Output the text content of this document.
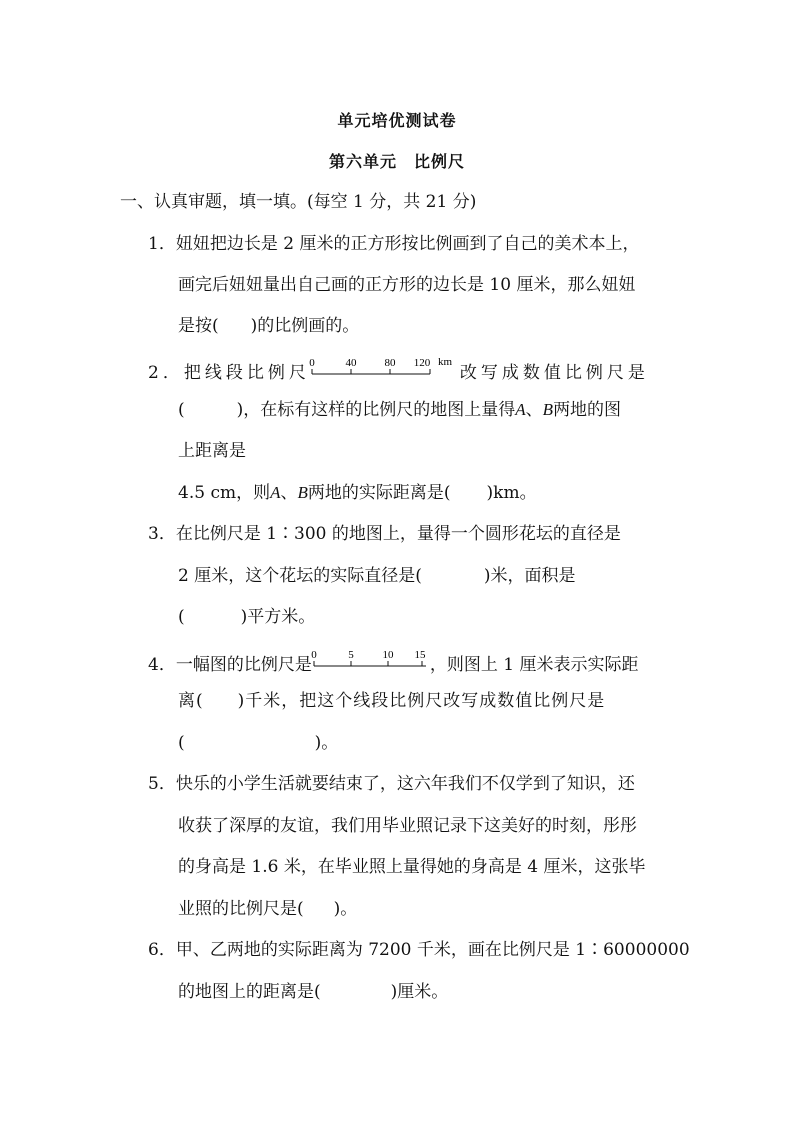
单元培优测试卷
第六单元　比例尺
一、认真审题，填一填。(每空 1 分，共 21 分)
1．妞妞把边长是 2 厘米的正方形按比例画到了自己的美术本上，
画完后妞妞量出自己画的正方形的边长是 10 厘米，那么妞妞
是按( )的比例画的。
2．把线段比例尺 0	40	80 120 km
改写成数值比例尺是
(	)，在标有这样的比例尺的地图上量得A、B两地的图
上距离是
4.5 cm，则A、B两地的实际距离是( )km。
3．在比例尺是 1∶300 的地图上，量得一个圆形花坛的直径是
2 厘米，这个花坛的实际直径是(	)米，面积是
(	)平方米。
4．一幅图的比例尺是 0	5	10 15 ，则图上 1 厘米表示实际距
离( )千米，把这个线段比例尺改写成数值比例尺是
(	)。
5．快乐的小学生活就要结束了，这六年我们不仅学到了知识，还
收获了深厚的友谊，我们用毕业照记录下这美好的时刻，彤彤
的身高是 1.6 米，在毕业照上量得她的身高是 4 厘米，这张毕
业照的比例尺是( )。
6．甲、乙两地的实际距离为 7200 千米，画在比例尺是 1∶60000000
的地图上的距离是(	)厘米。
